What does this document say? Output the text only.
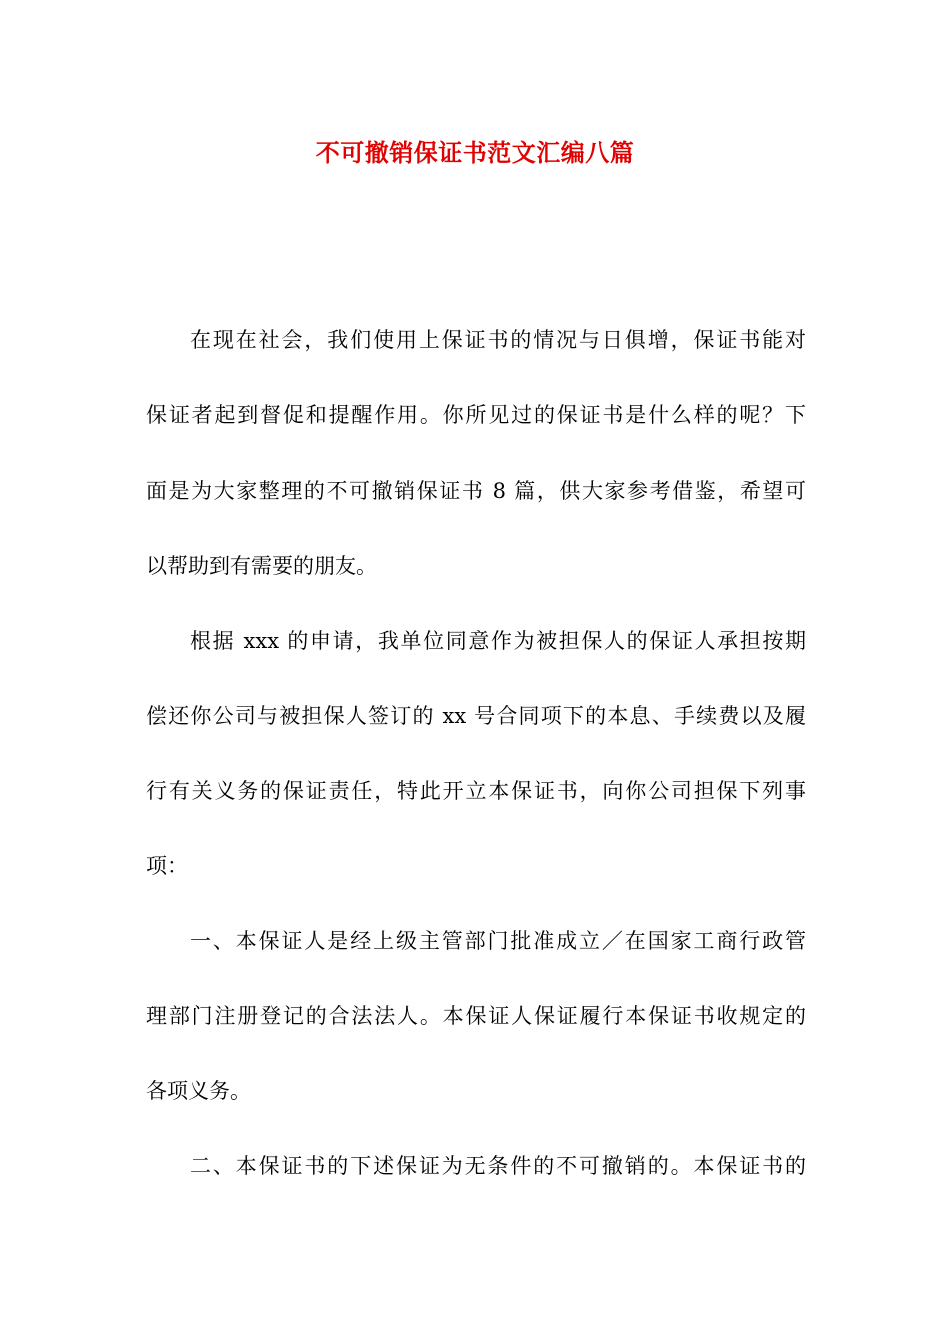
不可撤销保证书范文汇编八篇

在现在社会，我们使用上保证书的情况与日俱增，保证书能对

保证者起到督促和提醒作用。你所见过的保证书是什么样的呢？下

面是为大家整理的不可撤销保证书 8 篇，供大家参考借鉴，希望可

以帮助到有需要的朋友。

根据 xxx 的申请，我单位同意作为被担保人的保证人承担按期

偿还你公司与被担保人签订的 xx 号合同项下的本息、手续费以及履

行有关义务的保证责任，特此开立本保证书，向你公司担保下列事

项：

一、本保证人是经上级主管部门批准成立／在国家工商行政管

理部门注册登记的合法法人。本保证人保证履行本保证书收规定的

各项义务。

二、本保证书的下述保证为无条件的不可撤销的。本保证书的
